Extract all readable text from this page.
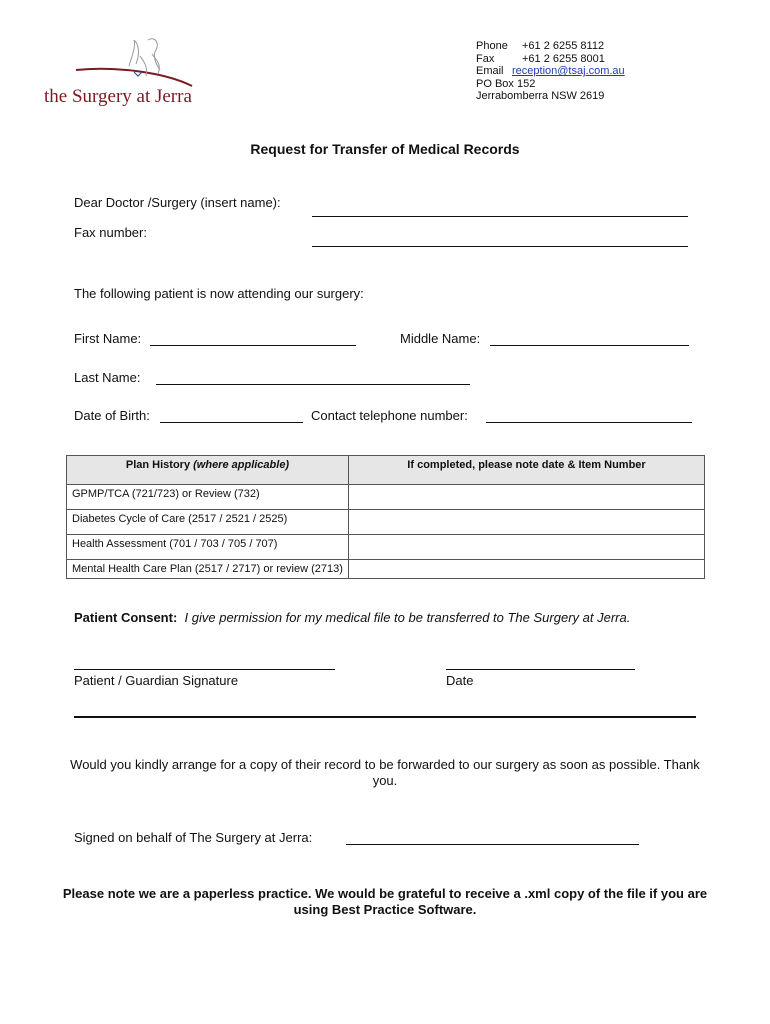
the Surgery at Jerra
Phone	+61 2 6255 8112
Fax	+61 2 6255 8001
Email reception@tsaj.com.au
PO Box 152
Jerrabomberra NSW 2619
Request for Transfer of Medical Records
Dear Doctor /Surgery (insert name):
Fax number:
The following patient is now attending our surgery:
First Name:	Middle Name:
Last Name:
Date of Birth:	Contact telephone number:
Plan History (where applicable)	If completed, please note date & Item Number
GPMP/TCA (721/723) or Review (732)	
Diabetes Cycle of Care (2517 / 2521 / 2525)	
Health Assessment (701 / 703 / 705 / 707)	
Mental Health Care Plan (2517 / 2717) or review (2713)	
Patient Consent: I give permission for my medical file to be transferred to The Surgery at Jerra.
Patient / Guardian Signature	Date
Would you kindly arrange for a copy of their record to be forwarded to our surgery as soon as possible. Thank you.
Signed on behalf of The Surgery at Jerra:
Please note we are a paperless practice. We would be grateful to receive a .xml copy of the file if you are using Best Practice Software.
